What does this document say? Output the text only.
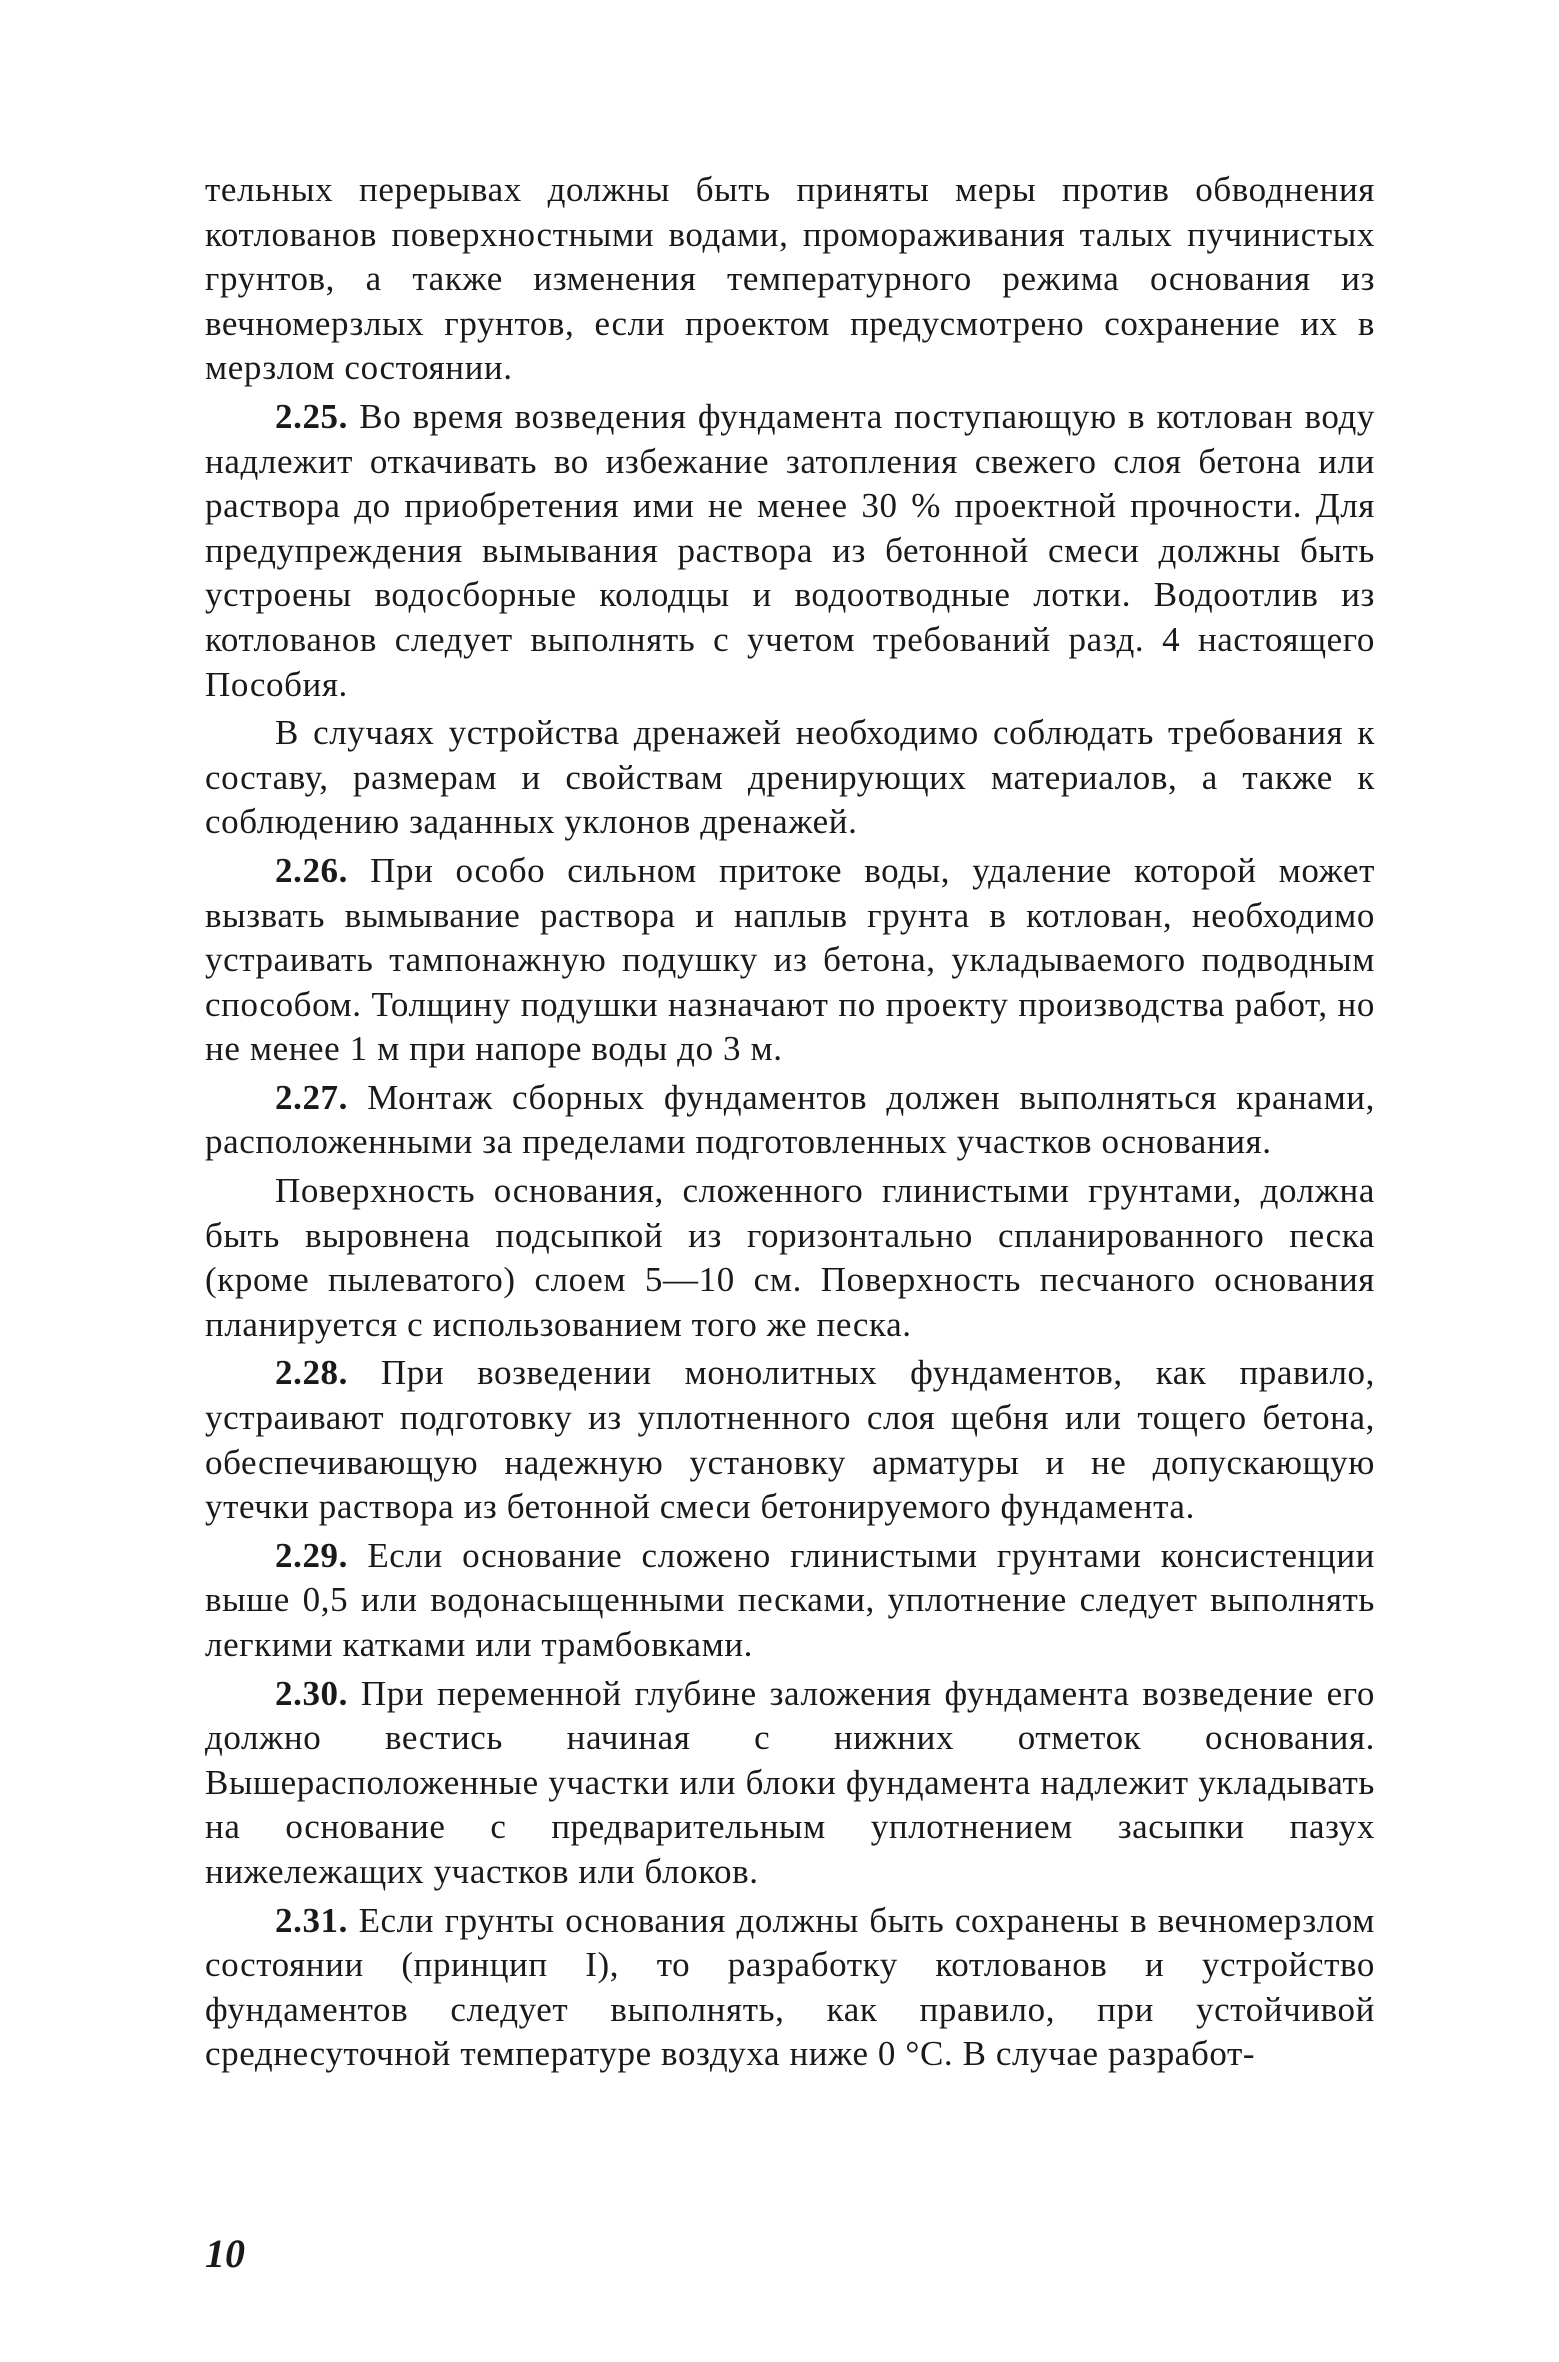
тельных перерывах должны быть приняты меры против обводнения котлованов поверхностными водами, промораживания талых пучинистых грунтов, а также изменения температурного режима основания из вечномерзлых грунтов, если проектом предусмотрено сохранение их в мерзлом состоянии.

2.25. Во время возведения фундамента поступающую в котлован воду надлежит откачивать во избежание затопления свежего слоя бетона или раствора до приобретения ими не менее 30 % проектной прочности. Для предупреждения вымывания раствора из бетонной смеси должны быть устроены водосборные колодцы и водоотводные лотки. Водоотлив из котлованов следует выполнять с учетом требований разд. 4 настоящего Пособия.

В случаях устройства дренажей необходимо соблюдать требования к составу, размерам и свойствам дренирующих материалов, а также к соблюдению заданных уклонов дренажей.

2.26. При особо сильном притоке воды, удаление которой может вызвать вымывание раствора и наплыв грунта в котлован, необходимо устраивать тампонажную подушку из бетона, укладываемого подводным способом. Толщину подушки назначают по проекту производства работ, но не менее 1 м при напоре воды до 3 м.

2.27. Монтаж сборных фундаментов должен выполняться кранами, расположенными за пределами подготовленных участков основания.

Поверхность основания, сложенного глинистыми грунтами, должна быть выровнена подсыпкой из горизонтально спланированного песка (кроме пылеватого) слоем 5—10 см. Поверхность песчаного основания планируется с использованием того же песка.

2.28. При возведении монолитных фундаментов, как правило, устраивают подготовку из уплотненного слоя щебня или тощего бетона, обеспечивающую надежную установку арматуры и не допускающую утечки раствора из бетонной смеси бетонируемого фундамента.

2.29. Если основание сложено глинистыми грунтами консистенции выше 0,5 или водонасыщенными песками, уплотнение следует выполнять легкими катками или трамбовками.

2.30. При переменной глубине заложения фундамента возведение его должно вестись начиная с нижних отметок основания. Вышерасположенные участки или блоки фундамента надлежит укладывать на основание с предварительным уплотнением засыпки пазух нижележащих участков или блоков.

2.31. Если грунты основания должны быть сохранены в вечномерзлом состоянии (принцип I), то разработку котлованов и устройство фундаментов следует выполнять, как правило, при устойчивой среднесуточной температуре воздуха ниже 0 °С. В случае разработ-

10
